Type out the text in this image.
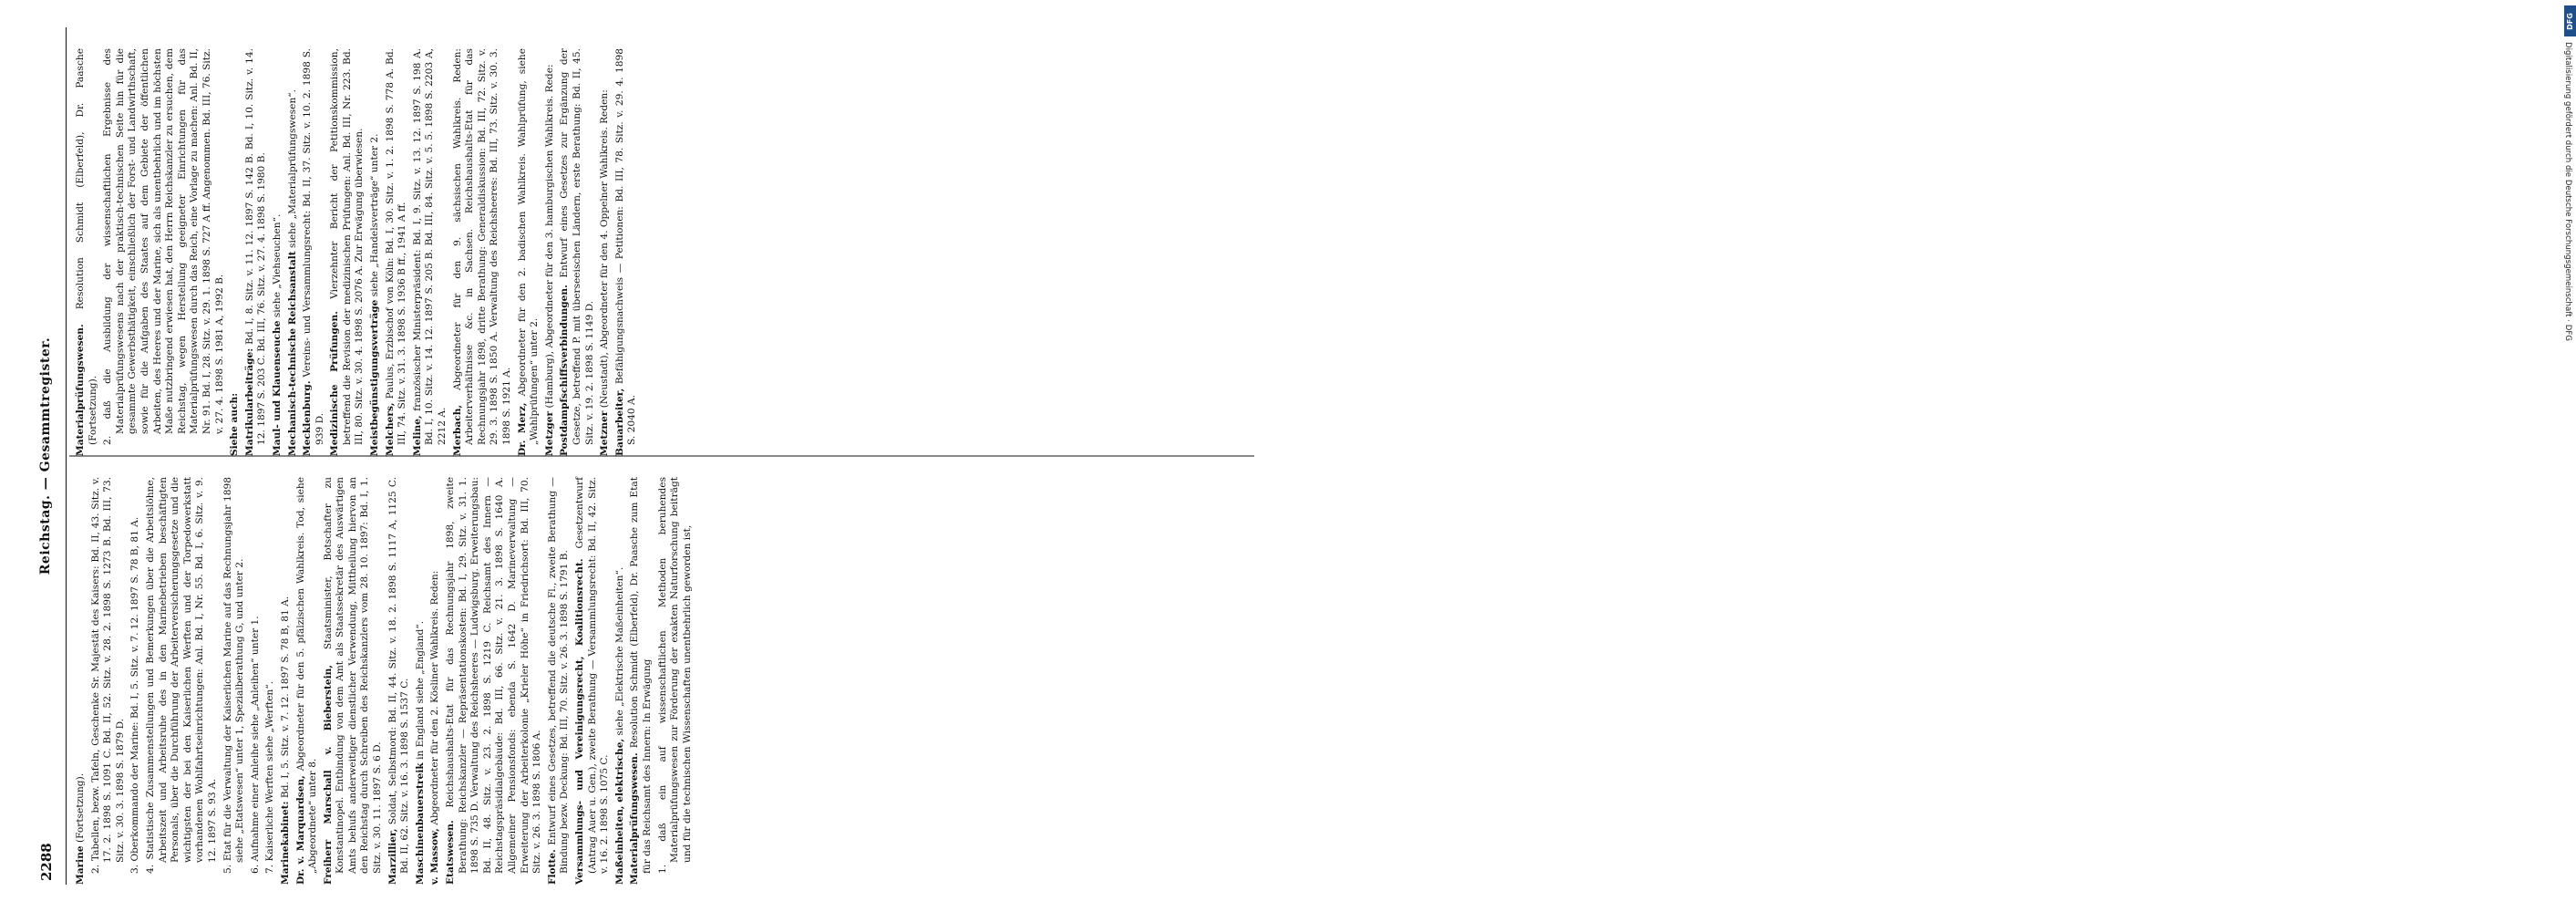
2288
Reichstag. — Gesammtregister.
Marine (Fortsetzung). 2. Tabellen, bezw. Tafeln, Geschenke Sr. Majestät des Kaisers: Bd. II, 43. Sitz. v. 17. 2. 1898 S. 1091 C. Bd. II, 52. Sitz. v. 28. 2. 1898 S. 1273 B. Bd. III, 73. Sitz. v. 30. 3. 1898 S. 1879 D. 3. Oberkommando der Marine: Bd. I, 5. Sitz. v. 7. 12. 1897 S. 78 B, 81 A. 4. Statistische Zusammenstellungen und Bemerkungen über die Arbeitslöhne, Arbeitszeit und Arbeitsruhe des in den Marinebetrieben beschäftigten Personals, über die Durchführung der Arbeiterversicherungsgesetze und die wichtigsten der bei den Kaiserlichen Werften und der Torpedowerkstatt vorhandenen Wohlfahrtseinrichtungen: Anl. Bd. I, Nr. 55. Bd. I, 6. Sitz. v. 9. 12. 1897 S. 93 A. 5. Etat für die Verwaltung der Kaiserlichen Marine auf das Rechnungsjahr 1898 siehe „Etatswesen“ unter 1, Spezialberathung G, und unter 2. 6. Aufnahme einer Anleihe siehe „Anleihen“ unter 1. 7. Kaiserliche Werften siehe „Werften“. Marinekabinet: Bd. I, 5. Sitz. v. 7. 12. 1897 S. 78 B, 81 A.
Dr. v. Marquardsen, Abgeordneter für den 5. pfälzischen Wahlkreis. Tod, siehe „Abgeordnete“ unter 8. Freiherr Marschall v. Bieberstein, Staatsminister, Botschafter zu Konstantinopel. Entbindung von dem Amt als Staatssekretär des Auswärtigen Amts behufs anderweitiger dienstlicher Verwendung, Mittheilung hiervon an den Reichstag durch Schreiben des Reichskanzlers vom 28. 10. 1897: Bd. I, 1. Sitz. v. 30. 11. 1897 S. 6 D. Marzillier, Soldat, Selbstmord: Bd. II, 44. Sitz. v. 18. 2. 1898 S. 1117 A, 1125 C. Bd. II, 62. Sitz. v. 16. 3. 1898 S. 1537 C. Maschinenbauerstreik in England siehe „England“.
v. Massow, Abgeordneter für den 2. Kösliner Wahlkreis. Reden:
Etatswesen. Reichshaushalts-Etat für das Rechnungsjahr 1898, zweite Berathung: Reichskanzler — Repräsentationskosten: Bd. I, 29. Sitz. v. 31. 1. 1898 S. 735 D. Verwaltung des Reichsheeres — Ludwigsburg. Erweiterungsbau: Bd. II, 48. Sitz. v. 23. 2. 1898 S. 1219 C. Reichsamt des Innern — Reichstagspräsidialgebäude: Bd. III, 66. Sitz. v. 21. 3. 1898 S. 1640 A. Allgemeiner Pensionsfonds: ebenda S. 1642 D. Marineverwaltung — Erweiterung der Arbeiterkolonie „Krieler Höhe“ in Friedrichsort: Bd. III, 70. Sitz. v. 26. 3. 1898 S. 1806 A. Flotte. Entwurf eines Gesetzes, betreffend die deutsche Fl., zweite Berathung — Bindung bezw. Deckung: Bd. III, 70. Sitz. v. 26. 3. 1898 S. 1791 B. Versammlungs- und Vereinigungsrecht, Koalitionsrecht. Gesetzentwurf (Antrag Auer u. Gen.), zweite Berathung — Versammlungsrecht: Bd. II, 42. Sitz. v. 16. 2. 1898 S. 1075 C. Maßeinheiten, elektrische, siehe „Elektrische Maßeinheiten“.
Materialprüfungswesen. Resolution Schmidt (Elberfeld), Dr. Paasche zum Etat für das Reichsamt des Innern: In Erwägung 1. daß ein auf wissenschaftlichen Methoden beruhendes Materialprüfungswesen zur Förderung der exakten Naturforschung beiträgt und für die technischen Wissenschaften unentbehrlich geworden ist,
Materialprüfungswesen. Resolution Schmidt (Elberfeld), Dr. Paasche (Fortsetzung). 2. daß die Ausbildung der wissenschaftlichen Ergebnisse des Materialprüfungswesens nach der praktisch-technischen Seite hin für die gesammte Gewerbsthätigkeit, einschließlich der Forst- und Landwirthschaft, sowie für die Aufgaben des Staates auf dem Gebiete der öffentlichen Arbeiten, des Heeres und der Marine, sich als unentbehrlich und im höchsten Maße nutzbringend erwiesen hat, den Herrn Reichskanzler zu ersuchen, dem Reichstag, wegen Herstellung geeigneter Einrichtungen für das Materialprüfungswesen durch das Reich, eine Vorlage zu machen: Anl. Bd. II, Nr. 91. Bd. I, 28. Sitz. v. 29. 1. 1898 S. 727 A ff. Angenommen. Bd. III, 76. Sitz. v. 27. 4. 1898 S. 1981 A, 1992 B. Siehe auch: Matrikularbeiträge: Bd. I, 8. Sitz. v. 11. 12. 1897 S. 142 B. Bd. I, 10. Sitz. v. 14. 12. 1897 S. 203 C. Bd. III, 76. Sitz. v. 27. 4. 1898 S. 1980 B. Maul- und Klauenseuche siehe „Viehseuchen“. Mechanisch-technische Reichsanstalt siehe „Materialprüfungswesen“.
Mecklenburg. Vereins- und Versammlungsrecht: Bd. II, 37. Sitz. v. 10. 2. 1898 S. 939 D. Medizinische Prüfungen. Vierzehnter Bericht der Petitionskommission, betreffend die Revision der medizinischen Prüfungen: Anl. Bd. III, Nr. 223. Bd. III, 80. Sitz. v. 30. 4. 1898 S. 2076 A. Zur Erwägung überwiesen. Meistbegünstigungsverträge siehe „Handelsverträge“ unter 2.
Melchers, Paulus, Erzbischof von Köln: Bd. I, 30. Sitz. v. 1. 2. 1898 S. 778 A. Bd. III, 74. Sitz. v. 31. 3. 1898 S. 1936 B ff., 1941 A ff. Meline, französischer Ministerpräsident: Bd. I, 9. Sitz. v. 13. 12. 1897 S. 198 A. Bd. I, 10. Sitz. v. 14. 12. 1897 S. 205 B. Bd. III, 84. Sitz. v. 5. 5. 1898 S. 2203 A, 2212 A. Merbach, Abgeordneter für den 9. sächsischen Wahlkreis. Reden: Arbeiterverhältnisse &c. in Sachsen. Reichshaushalts-Etat für das Rechnungsjahr 1898, dritte Berathung: Generaldiskussion: Bd. III, 72. Sitz. v. 29. 3. 1898 S. 1850 A. Verwaltung des Reichsheeres: Bd. III, 73. Sitz. v. 30. 3. 1898 S. 1921 A. Dr. Merz, Abgeordneter für den 2. badischen Wahlkreis. Wahlprüfung, siehe „Wahlprüfungen“ unter 2. Metzger (Hamburg), Abgeordneter für den 3. hamburgischen Wahlkreis. Rede: Postdampfschiffsverbindungen. Entwurf eines Gesetzes zur Ergänzung der Gesetze, betreffend P. mit überseeischen Ländern, erste Berathung: Bd. II, 45. Sitz. v. 19. 2. 1898 S. 1149 D. Metzner (Neustadt), Abgeordneter für den 4. Oppelner Wahlkreis. Reden:
Bauarbeiter, Befähigungsnachweis — Petitionen: Bd. III, 78. Sitz. v. 29. 4. 1898 S. 2040 A.
DFG
Digitalisierung gefördert durch die Deutsche Forschungsgemeinschaft · DFG
